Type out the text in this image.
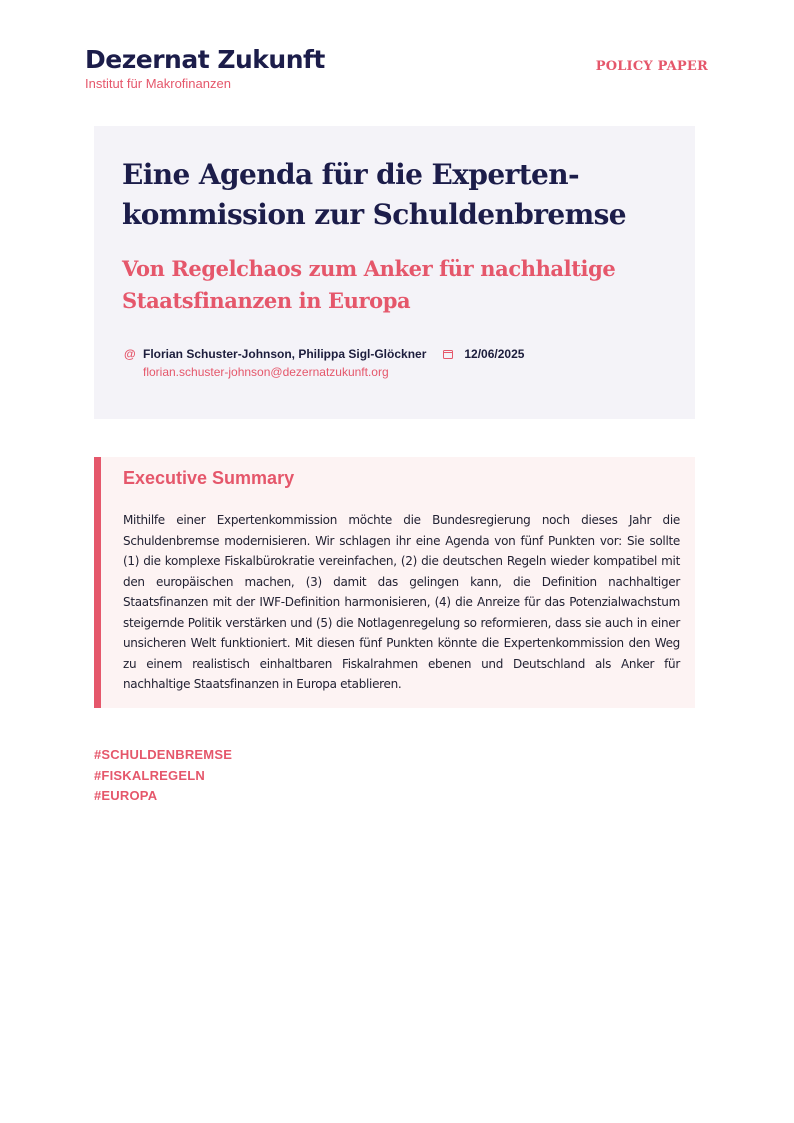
Dezernat Zukunft
Institut für Makrofinanzen
POLICY PAPER
Eine Agenda für die Expertenkommission zur Schuldenbremse
Von Regelchaos zum Anker für nachhaltige Staatsfinanzen in Europa
@ Florian Schuster-Johnson, Philippa Sigl-Glöckner	12/06/2025
florian.schuster-johnson@dezernatzukunft.org
Executive Summary

Mithilfe einer Expertenkommission möchte die Bundesregierung noch dieses Jahr die Schuldenbremse modernisieren. Wir schlagen ihr eine Agenda von fünf Punkten vor: Sie sollte (1) die komplexe Fiskalbürokratie vereinfachen, (2) die deutschen Regeln wieder kompatibel mit den europäischen machen, (3) damit das gelingen kann, die Definition nachhaltiger Staatsfinanzen mit der IWF-Definition harmonisieren, (4) die Anreize für das Potenzialwachstum steigernde Politik verstärken und (5) die Notlagenregelung so reformieren, dass sie auch in einer unsicheren Welt funktioniert. Mit diesen fünf Punkten könnte die Expertenkommission den Weg zu einem realistisch einhaltbaren Fiskalrahmen ebenen und Deutschland als Anker für nachhaltige Staatsfinanzen in Europa etablieren.

#SCHULDENBREMSE
#FISKALREGELN
#EUROPA
